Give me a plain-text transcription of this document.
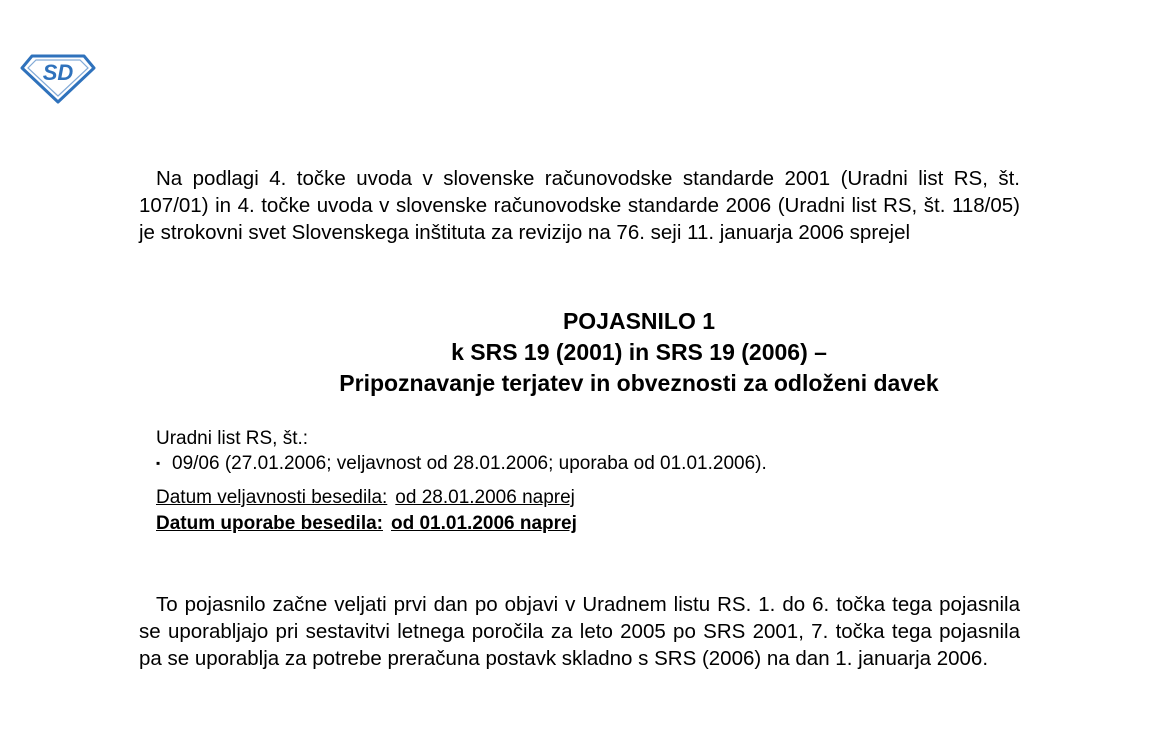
SD

Na podlagi 4. točke uvoda v slovenske računovodske standarde 2001 (Uradni list RS, št. 107/01) in 4. točke uvoda v slovenske računovodske standarde 2006 (Uradni list RS, št. 118/05) je strokovni svet Slovenskega inštituta za revizijo na 76. seji 11. januarja 2006 sprejel

POJASNILO 1
k SRS 19 (2001) in SRS 19 (2006) –
Pripoznavanje terjatev in obveznosti za odloženi davek
Uradni list RS, št.:
▪ 09/06 (27.01.2006; veljavnost od 28.01.2006; uporaba od 01.01.2006).
Datum veljavnosti besedila: od 28.01.2006 naprej
Datum uporabe besedila: od 01.01.2006 naprej

To pojasnilo začne veljati prvi dan po objavi v Uradnem listu RS. 1. do 6. točka tega pojasnila se uporabljajo pri sestavitvi letnega poročila za leto 2005 po SRS 2001, 7. točka tega pojasnila pa se uporablja za potrebe preračuna postavk skladno s SRS (2006) na dan 1. januarja 2006.
